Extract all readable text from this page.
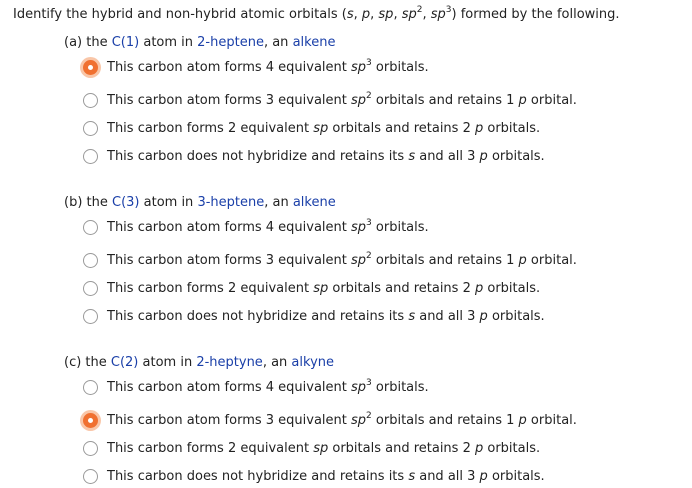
Identify the hybrid and non-hybrid atomic orbitals (s, p, sp, $sp^2$, $sp^3$) formed by the following.
(a) the C(1) atom in 2-heptene, an alkene
This carbon atom forms 4 equivalent $sp^3$ orbitals.
This carbon atom forms 3 equivalent $sp^2$ orbitals and retains 1 p orbital.
This carbon forms 2 equivalent sp orbitals and retains 2 p orbitals.
This carbon does not hybridize and retains its s and all 3 p orbitals.
(b) the C(3) atom in 3-heptene, an alkene
This carbon atom forms 4 equivalent $sp^3$ orbitals.
This carbon atom forms 3 equivalent $sp^2$ orbitals and retains 1 p orbital.
This carbon forms 2 equivalent sp orbitals and retains 2 p orbitals.
This carbon does not hybridize and retains its s and all 3 p orbitals.
(c) the C(2) atom in 2-heptyne, an alkyne
This carbon atom forms 4 equivalent $sp^3$ orbitals.
This carbon atom forms 3 equivalent $sp^2$ orbitals and retains 1 p orbital.
This carbon forms 2 equivalent sp orbitals and retains 2 p orbitals.
This carbon does not hybridize and retains its s and all 3 p orbitals.
